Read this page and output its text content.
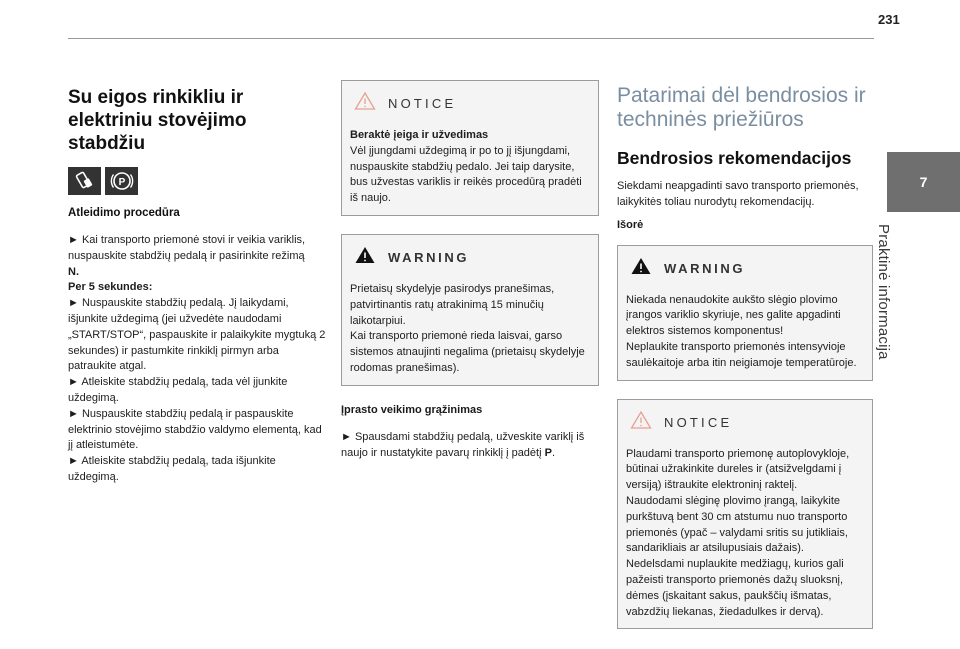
231
7
Praktinė informacija
Su eigos rinkikliu ir elektriniu stovėjimo stabdžiu
P
Atleidimo procedūra

► Kai transporto priemonė stovi ir veikia variklis, nuspauskite stabdžių pedalą ir pasirinkite režimą

N.

Per 5 sekundes:

► Nuspauskite stabdžių pedalą. Jį laikydami, išjunkite uždegimą (jei užvedėte naudodami „START/STOP“, paspauskite ir palaikykite mygtuką 2 sekundes) ir pastumkite rinkiklį pirmyn arba patraukite atgal.

► Atleiskite stabdžių pedalą, tada vėl įjunkite uždegimą.

► Nuspauskite stabdžių pedalą ir paspauskite elektrinio stovėjimo stabdžio valdymo elementą, kad jį atleistumėte.

► Atleiskite stabdžių pedalą, tada išjunkite uždegimą.

NOTICE

Beraktė įeiga ir užvedimas

Vėl įjungdami uždegimą ir po to jį išjungdami, nuspauskite stabdžių pedalo. Jei taip darysite, bus užvestas variklis ir reikės procedūrą pradėti iš naujo.

WARNING

Prietaisų skydelyje pasirodys pranešimas, patvirtinantis ratų atrakinimą 15 minučių laikotarpiui.

Kai transporto priemonė rieda laisvai, garso sistemos atnaujinti negalima (prietaisų skydelyje rodomas pranešimas).

Įprasto veikimo grąžinimas
► Spausdami stabdžių pedalą, užveskite variklį iš naujo ir nustatykite pavarų rinkiklį į padėtį P.
Patarimai dėl bendrosios ir techninės priežiūros
Bendrosios rekomendacijos

Siekdami neapgadinti savo transporto priemonės, laikykitės toliau nurodytų rekomendacijų.

Išorė
WARNING

Niekada nenaudokite aukšto slėgio plovimo įrangos variklio skyriuje, nes galite apgadinti elektros sistemos komponentus!

Neplaukite transporto priemonės intensyvioje saulėkaitoje arba itin neigiamoje temperatūroje.

NOTICE

Plaudami transporto priemonę autoplovykloje, būtinai užrakinkite dureles ir (atsižvelgdami į versiją) ištraukite elektroninį raktelį.

Naudodami slėginę plovimo įrangą, laikykite purkštuvą bent 30 cm atstumu nuo transporto priemonės (ypač – valydami sritis su jutikliais, sandarikliais ar atsilupusiais dažais).

Nedelsdami nuplaukite medžiagų, kurios gali pažeisti transporto priemonės dažų sluoksnį, dėmes (įskaitant sakus, paukščių išmatas, vabzdžių liekanas, žiedadulkes ir dervą).
